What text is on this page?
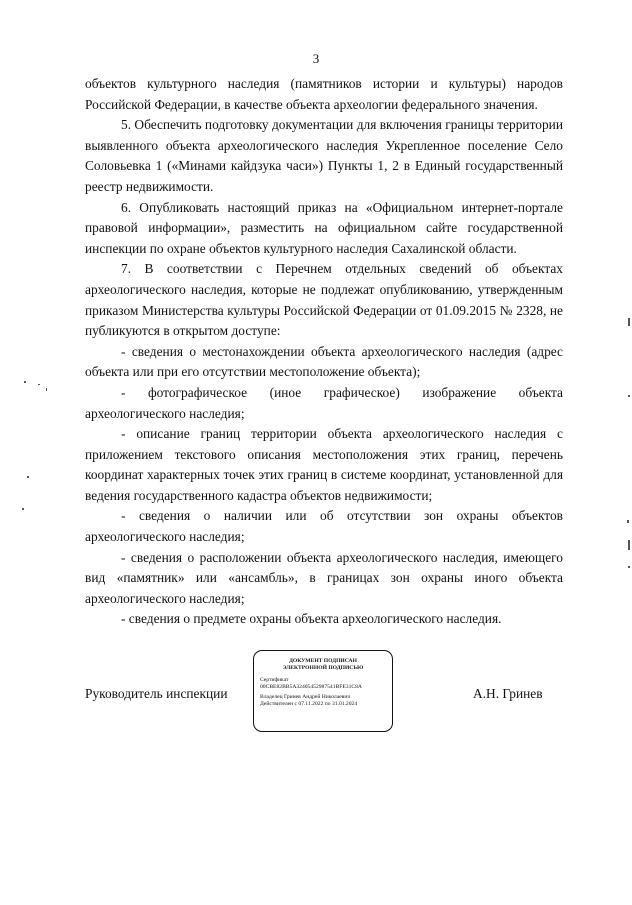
3

объектов культурного наследия (памятников истории и культуры) народов Российской Федерации, в качестве объекта археологии федерального значения.

5. Обеспечить подготовку документации для включения границы территории выявленного объекта археологического наследия Укрепленное поселение Село Соловьевка 1 («Минами кайдзука часи») Пункты 1, 2 в Единый государственный реестр недвижимости.

6. Опубликовать настоящий приказ на «Официальном интернет-портале правовой информации», разместить на официальном сайте государственной инспекции по охране объектов культурного наследия Сахалинской области.

7. В соответствии с Перечнем отдельных сведений об объектах археологического наследия, которые не подлежат опубликованию, утвержденным приказом Министерства культуры Российской Федерации от 01.09.2015 № 2328, не публикуются в открытом доступе:

- сведения о местонахождении объекта археологического наследия (адрес объекта или при его отсутствии местоположение объекта);

- фотографическое (иное графическое) изображение объекта археологического наследия;

- описание границ территории объекта археологического наследия с приложением текстового описания местоположения этих границ, перечень координат характерных точек этих границ в системе координат, установленной для ведения государственного кадастра объектов недвижимости;

- сведения о наличии или об отсутствии зон охраны объектов археологического наследия;

- сведения о расположении объекта археологического наследия, имеющего вид «памятник» или «ансамбль», в границах зон охраны иного объекта археологического наследия;

- сведения о предмете охраны объекта археологического наследия.

Руководитель инспекции
ДОКУМЕНТ ПОДПИСАН
ЭЛЕКТРОННОЙ ПОДПИСЬЮ
Сертификат 00CBE82BB5A32405452987541BFE31C8A
Владелец Гринев Андрей Николаевич
Действителен с 07.11.2022 по 31.01.2024
А.Н. Гринев
